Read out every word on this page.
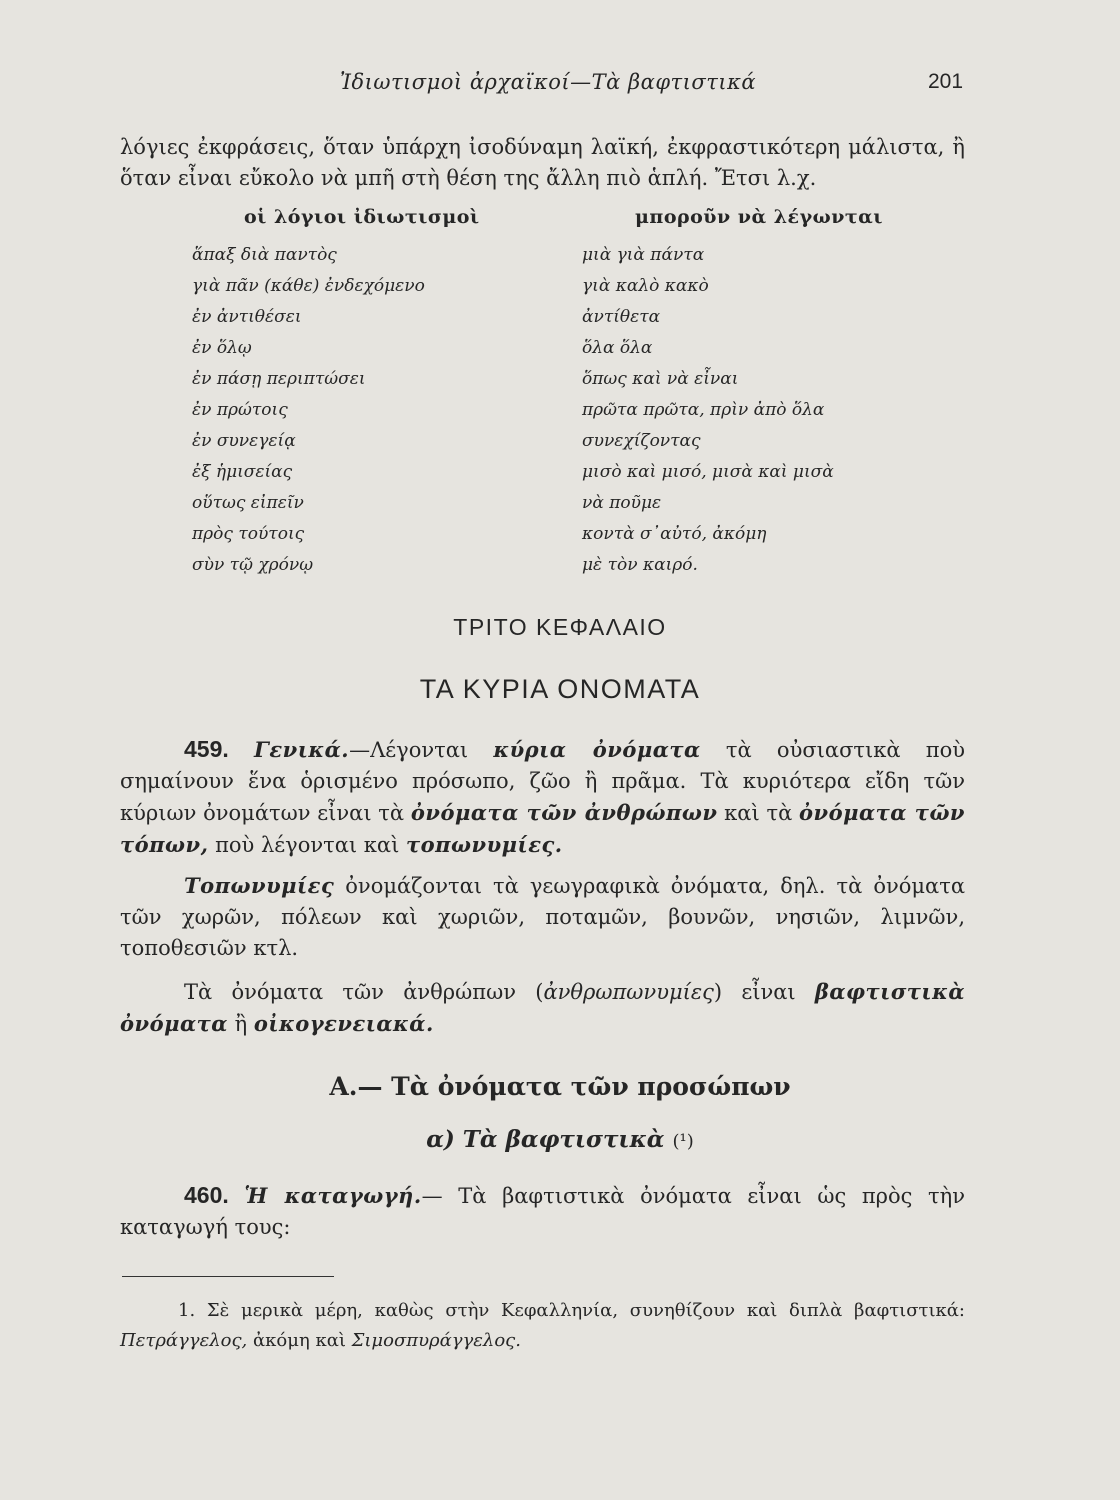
Ἰδιωτισμοὶ ἀρχαϊκοί—Τὰ βαφτιστικά	201
λόγιες ἐκφράσεις, ὅταν ὑπάρχη ἰσοδύναμη λαϊκή, ἐκφραστικότερη μάλιστα, ἢ ὅταν εἶναι εὔκολο νὰ μπῆ στὴ θέση της ἄλλη πιὸ ἁπλή. Ἔτσι λ.χ.
οἱ λόγιοι ἰδιωτισμοὶ	μποροῦν νὰ λέγωνται
ἅπαξ διὰ παντὸς
γιὰ πᾶν (κάθε) ἐνδεχόμενο
ἐν ἀντιθέσει
ἐν ὅλῳ
ἐν πάσῃ περιπτώσει
ἐν πρώτοις
ἐν συνεγείᾳ
ἐξ ἡμισείας
οὕτως εἰπεῖν
πρὸς τούτοις
σὺν τῷ χρόνῳ
μιὰ γιὰ πάντα
γιὰ καλὸ κακὸ
ἀντίθετα
ὅλα ὅλα
ὅπως καὶ νὰ εἶναι
πρῶτα πρῶτα, πρὶν ἀπὸ ὅλα
συνεχίζοντας
μισὸ καὶ μισό, μισὰ καὶ μισὰ
νὰ ποῦμε
κοντὰ σ᾽αὐτό, ἀκόμη
μὲ τὸν καιρό.
ΤΡΙΤΟ ΚΕΦΑΛΑΙΟ
ΤΑ ΚΥΡΙΑ ΟΝΟΜΑΤΑ
459. Γενικά.—Λέγονται κύρια ὀνόματα τὰ οὐσιαστικὰ ποὺ σημαίνουν ἕνα ὁρισμένο πρόσωπο, ζῶο ἢ πρᾶμα. Τὰ κυριότερα εἴδη τῶν κύριων ὀνομάτων εἶναι τὰ ὀνόματα τῶν ἀνθρώπων καὶ τὰ ὀνόματα τῶν τόπων, ποὺ λέγονται καὶ τοπωνυμίες.
Τοπωνυμίες ὀνομάζονται τὰ γεωγραφικὰ ὀνόματα, δηλ. τὰ ὀνόματα τῶν χωρῶν, πόλεων καὶ χωριῶν, ποταμῶν, βουνῶν, νησιῶν, λιμνῶν, τοποθεσιῶν κτλ.
Τὰ ὀνόματα τῶν ἀνθρώπων (ἀνθρωπωνυμίες) εἶναι βαφτιστικὰ ὀνόματα ἢ οἰκογενειακά.
Α.— Τὰ ὀνόματα τῶν προσώπων
α) Τὰ βαφτιστικὰ (¹)
460. Ἡ καταγωγή.— Τὰ βαφτιστικὰ ὀνόματα εἶναι ὡς πρὸς τὴν καταγωγή τους:
1. Σὲ μερικὰ μέρη, καθὼς στὴν Κεφαλληνία, συνηθίζουν καὶ διπλὰ βαφτιστικά: Πετράγγελος, ἀκόμη καὶ Σιμοσπυράγγελος.
